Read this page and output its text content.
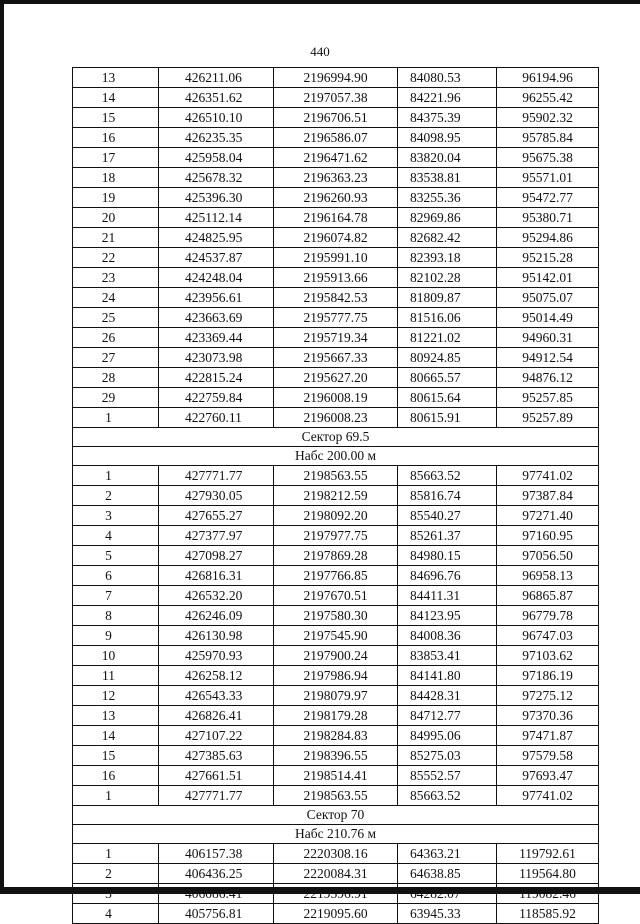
440
13	426211.06	2196994.90	84080.53	96194.96
14	426351.62	2197057.38	84221.96	96255.42
15	426510.10	2196706.51	84375.39	95902.32
16	426235.35	2196586.07	84098.95	95785.84
17	425958.04	2196471.62	83820.04	95675.38
18	425678.32	2196363.23	83538.81	95571.01
19	425396.30	2196260.93	83255.36	95472.77
20	425112.14	2196164.78	82969.86	95380.71
21	424825.95	2196074.82	82682.42	95294.86
22	424537.87	2195991.10	82393.18	95215.28
23	424248.04	2195913.66	82102.28	95142.01
24	423956.61	2195842.53	81809.87	95075.07
25	423663.69	2195777.75	81516.06	95014.49
26	423369.44	2195719.34	81221.02	94960.31
27	423073.98	2195667.33	80924.85	94912.54
28	422815.24	2195627.20	80665.57	94876.12
29	422759.84	2196008.19	80615.64	95257.85
1	422760.11	2196008.23	80615.91	95257.89
Сектор 69.5				
Набс 200.00 м				
1	427771.77	2198563.55	85663.52	97741.02
2	427930.05	2198212.59	85816.74	97387.84
3	427655.27	2198092.20	85540.27	97271.40
4	427377.97	2197977.75	85261.37	97160.95
5	427098.27	2197869.28	84980.15	97056.50
6	426816.31	2197766.85	84696.76	96958.13
7	426532.20	2197670.51	84411.31	96865.87
8	426246.09	2197580.30	84123.95	96779.78
9	426130.98	2197545.90	84008.36	96747.03
10	425970.93	2197900.24	83853.41	97103.62
11	426258.12	2197986.94	84141.80	97186.19
12	426543.33	2198079.97	84428.31	97275.12
13	426826.41	2198179.28	84712.77	97370.36
14	427107.22	2198284.83	84995.06	97471.87
15	427385.63	2198396.55	85275.03	97579.58
16	427661.51	2198514.41	85552.57	97693.47
1	427771.77	2198563.55	85663.52	97741.02
Сектор 70				
Набс 210.76 м				
1	406157.38	2220308.16	64363.21	119792.61
2	406436.25	2220084.31	64638.85	119564.80
3	406086.41	2219596.91	64282.07	119082.46
4	405756.81	2219095.60	63945.33	118585.92
